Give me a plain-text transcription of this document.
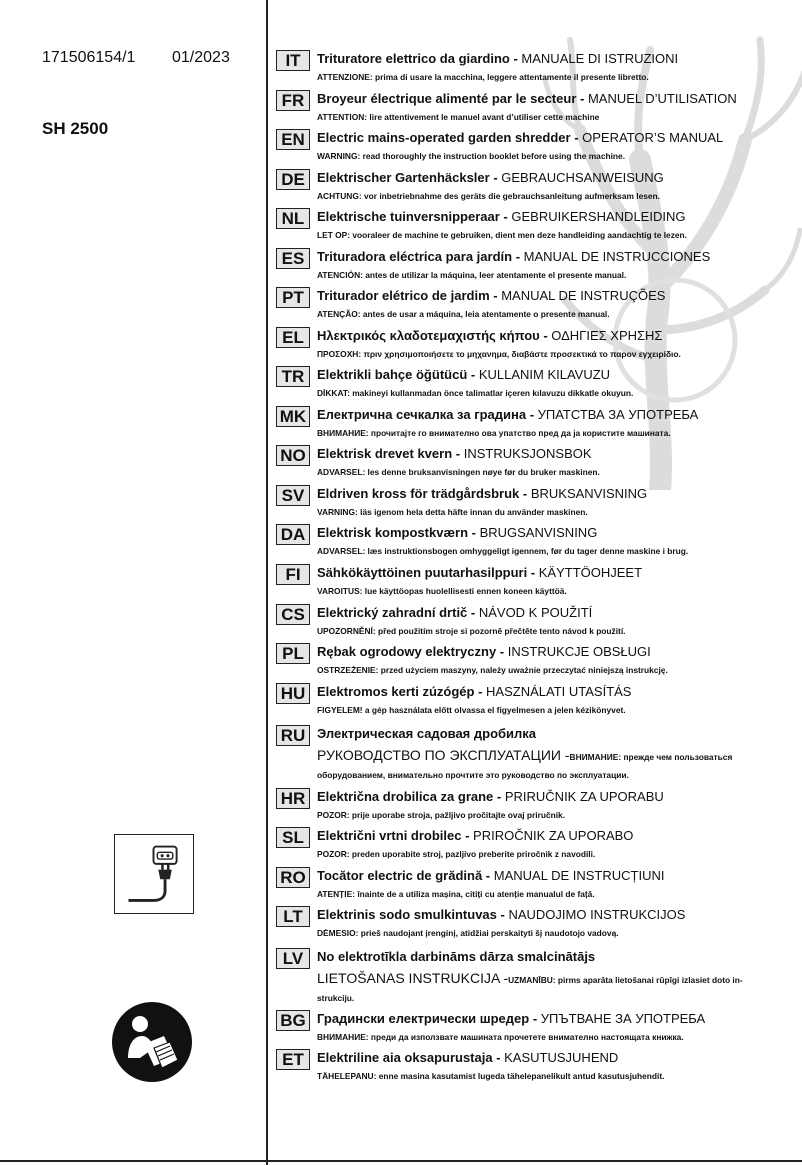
171506154/1 01/2023
SH 2500
IT	Trituratore elettrico da giardino - MANUALE DI ISTRUZIONI
ATTENZIONE: prima di usare la macchina, leggere attentamente il presente libretto.
FR Broyeur électrique alimenté par le secteur - MANUEL D’UTILISATION
ATTENTION: lire attentivement le manuel avant d’utiliser cette machine
EN Electric mains-operated garden shredder - OPERATOR’S MANUAL
WARNING: read thoroughly the instruction booklet before using the machine.
DE Elektrischer Gartenhäcksler - GEBRAUCHSANWEISUNG
ACHTUNG: vor inbetriebnahme des geräts die gebrauchsanleitung aufmerksam lesen.
NL Elektrische tuinversnipperaar - GEBRUIKERSHANDLEIDING
LET OP: vooraleer de machine te gebruiken, dient men deze handleiding aandachtig te lezen.
ES Trituradora eléctrica para jardín - MANUAL DE INSTRUCCIONES
ATENCIÓN: antes de utilizar la máquina, leer atentamente el presente manual.
PT	Triturador elétrico de jardim - MANUAL DE INSTRUÇÕES
ATENÇÃO: antes de usar a máquina, leia atentamente o presente manual.
EL	Ηλεκτρικός κλαδοτεμαχιστής κήπου - ΟΔΗΓΙΕΣ ΧΡΗΣΗΣ
ΠΡΟΣΟΧΗ: πριν χρησιμοποιήσετε το μηχανημα, διαβάστε προσεκτικά το παρον εγχειρίδιο.
TR Elektrikli bahçe öğütücü - KULLANIM KILAVUZU
DİKKAT: makineyi kullanmadan önce talimatlar içeren kılavuzu dikkatle okuyun.
MK Електрична сечкалка за градина - УПАТСТВА ЗА УПОТРЕБА
ВНИМАНИЕ: прочитајте го внимателно ова упатство пред да ја користите машината.
NO Elektrisk drevet kvern - INSTRUKSJONSBOK
ADVARSEL: les denne bruksanvisningen nøye før du bruker maskinen.
SV Eldriven kross för trädgårdsbruk - BRUKSANVISNING
VARNING: läs igenom hela detta häfte innan du använder maskinen.
DA Elektrisk kompostkværn - BRUGSANVISNING
ADVARSEL: læs instruktionsbogen omhyggeligt igennem, før du tager denne maskine i brug.
FI	Sähkökäyttöinen puutarhasilppuri - KÄYTTÖOHJEET
VAROITUS: lue käyttöopas huolellisesti ennen koneen käyttöä.
CS Elektrický zahradní drtič - NÁVOD K POUŽITÍ
UPOZORNĚNÍ: před použitím stroje si pozorně přečtěte tento návod k použití.
PL	Rębak ogrodowy elektryczny - INSTRUKCJE OBSŁUGI
OSTRZEŻENIE: przed użyciem maszyny, należy uważnie przeczytać niniejszą instrukcję.
HU Elektromos kerti zúzógép - HASZNÁLATI UTASÍTÁS
FIGYELEM! a gép használata előtt olvassa el figyelmesen a jelen kézikönyvet.
RU Электрическая садовая дробилка
РУКОВОДСТВО ПО ЭКСПЛУАТАЦИИ -ВНИМАНИЕ: прежде чем пользоваться
оборудованием, внимательно прочтите это руководство по эксплуатации.
HR Električna drobilica za grane - PRIRUČNIK ZA UPORABU
POZOR: prije uporabe stroja, pažljivo pročitajte ovaj priručnik.
SL	Električni vrtni drobilec - PRIROČNIK ZA UPORABO
POZOR: preden uporabite stroj, pazljivo preberite priročnik z navodili.
RO Tocător electric de grădină - MANUAL DE INSTRUCȚIUNI
ATENȚIE: înainte de a utiliza mașina, citiți cu atenție manualul de față.
LT	Elektrinis sodo smulkintuvas - NAUDOJIMO INSTRUKCIJOS
DĖMESIO: prieš naudojant įrenginį, atidžiai perskaityti šį naudotojo vadovą.
LV	No elektrotīkla darbināms dārza smalcinātājs
LIETOŠANAS INSTRUKCIJA -UZMANĪBU: pirms aparāta lietošanai rūpīgi izlasiet doto in-
strukciju.
BG Градински електрически шредер - УПЪТВАНЕ ЗА УПОТРЕБА
ВНИМАНИЕ: преди да използвате машината прочетете внимателно настоящата книжка.
ET	Elektriline aia oksapurustaja - KASUTUSJUHEND
TÄHELEPANU: enne masina kasutamist lugeda tähelepanelikult antud kasutusjuhendit.
